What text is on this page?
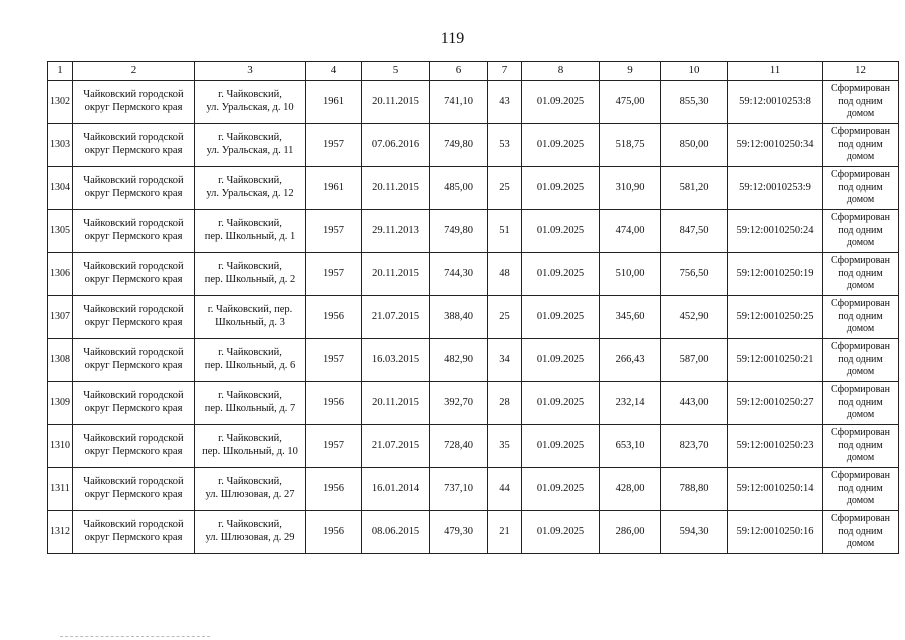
119
1	2	3	4	5	6	7	8	9	10	11	12
1302	Чайковский городской
округ Пермского края	г. Чайковский,
ул. Уральская, д. 10	1961	20.11.2015	741,10	43	01.09.2025	475,00	855,30	59:12:0010253:8	Сформирован
под одним
домом
1303	Чайковский городской
округ Пермского края	г. Чайковский,
ул. Уральская, д. 11	1957	07.06.2016	749,80	53	01.09.2025	518,75	850,00	59:12:0010250:34	Сформирован
под одним
домом
1304	Чайковский городской
округ Пермского края	г. Чайковский,
ул. Уральская, д. 12	1961	20.11.2015	485,00	25	01.09.2025	310,90	581,20	59:12:0010253:9	Сформирован
под одним
домом
1305	Чайковский городской
округ Пермского края	г. Чайковский,
пер. Школьный, д. 1	1957	29.11.2013	749,80	51	01.09.2025	474,00	847,50	59:12:0010250:24	Сформирован
под одним
домом
1306	Чайковский городской
округ Пермского края	г. Чайковский,
пер. Школьный, д. 2	1957	20.11.2015	744,30	48	01.09.2025	510,00	756,50	59:12:0010250:19	Сформирован
под одним
домом
1307	Чайковский городской
округ Пермского края	г. Чайковский, пер.
Школьный, д. 3	1956	21.07.2015	388,40	25	01.09.2025	345,60	452,90	59:12:0010250:25	Сформирован
под одним
домом
1308	Чайковский городской
округ Пермского края	г. Чайковский,
пер. Школьный, д. 6	1957	16.03.2015	482,90	34	01.09.2025	266,43	587,00	59:12:0010250:21	Сформирован
под одним
домом
1309	Чайковский городской
округ Пермского края	г. Чайковский,
пер. Школьный, д. 7	1956	20.11.2015	392,70	28	01.09.2025	232,14	443,00	59:12:0010250:27	Сформирован
под одним
домом
1310	Чайковский городской
округ Пермского края	г. Чайковский,
пер. Школьный, д. 10	1957	21.07.2015	728,40	35	01.09.2025	653,10	823,70	59:12:0010250:23	Сформирован
под одним
домом
1311	Чайковский городской
округ Пермского края	г. Чайковский,
ул. Шлюзовая, д. 27	1956	16.01.2014	737,10	44	01.09.2025	428,00	788,80	59:12:0010250:14	Сформирован
под одним
домом
1312	Чайковский городской
округ Пермского края	г. Чайковский,
ул. Шлюзовая, д. 29	1956	08.06.2015	479,30	21	01.09.2025	286,00	594,30	59:12:0010250:16	Сформирован
под одним
домом
